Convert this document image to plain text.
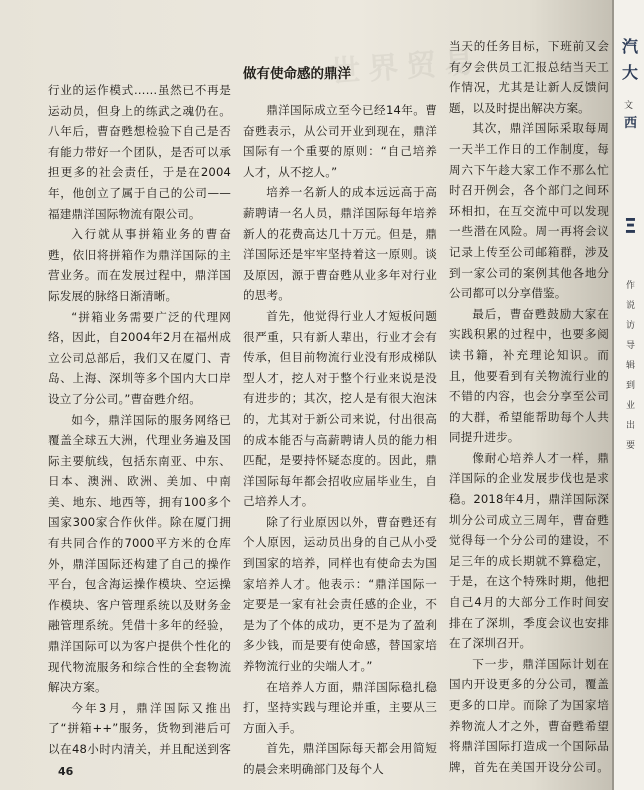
世界贸易

行业的运作模式……虽然已不再是运动员，但身上的练武之魂仍在。八年后，曹奋甦想检验下自己是否有能力带好一个团队，是否可以承担更多的社会责任，于是在2004年，他创立了属于自己的公司——福建鼎洋国际物流有限公司。

入行就从事拼箱业务的曹奋甦，依旧将拼箱作为鼎洋国际的主营业务。而在发展过程中，鼎洋国际发展的脉络日渐清晰。

“拼箱业务需要广泛的代理网络，因此，自2004年2月在福州成立公司总部后，我们又在厦门、青岛、上海、深圳等多个国内大口岸设立了分公司。”曹奋甦介绍。

如今，鼎洋国际的服务网络已覆盖全球五大洲，代理业务遍及国际主要航线，包括东南亚、中东、日本、澳洲、欧洲、美加、中南美、地东、地西等，拥有100多个国家300家合作伙伴。除在厦门拥有共同合作的7000平方米的仓库外，鼎洋国际还构建了自己的操作平台，包含海运操作模块、空运操作模块、客户管理系统以及财务金融管理系统。凭借十多年的经验，鼎洋国际可以为客户提供个性化的现代物流服务和综合性的全套物流解决方案。

今年3月，鼎洋国际又推出了“拼箱++”服务，货物到港后可以在48小时内清关，并且配送到客

做有使命感的鼎洋

鼎洋国际成立至今已经14年。曹奋甦表示，从公司开业到现在，鼎洋国际有一个重要的原则：“自己培养人才，从不挖人。”

培养一名新人的成本远远高于高薪聘请一名人员，鼎洋国际每年培养新人的花费高达几十万元。但是，鼎洋国际还是牢牢坚持着这一原则。谈及原因，源于曹奋甦从业多年对行业的思考。

首先，他觉得行业人才短板问题很严重，只有新人辈出，行业才会有传承，但目前物流行业没有形成梯队型人才，挖人对于整个行业来说是没有进步的；其次，挖人是有很大泡沫的，尤其对于新公司来说，付出很高的成本能否与高薪聘请人员的能力相匹配，是要持怀疑态度的。因此，鼎洋国际每年都会招收应届毕业生，自己培养人才。

除了行业原因以外，曹奋甦还有个人原因，运动员出身的自己从小受到国家的培养，同样也有使命去为国家培养人才。他表示：“鼎洋国际一定要是一家有社会责任感的企业，不是为了个体的成功，更不是为了盈利多少钱，而是要有使命感，替国家培养物流行业的尖端人才。”

在培养人方面，鼎洋国际稳扎稳打，坚持实践与理论并重，主要从三方面入手。

首先，鼎洋国际每天都会用简短的晨会来明确部门及每个人

当天的任务目标，下班前又会有夕会供员工汇报总结当天工作情况，尤其是让新人反馈问题，以及时提出解决方案。

其次，鼎洋国际采取每周一天半工作日的工作制度，每周六下午趁大家工作不那么忙时召开例会，各个部门之间环环相扣，在互交流中可以发现一些潜在风险。周一再将会议记录上传至公司邮箱群，涉及到一家公司的案例其他各地分公司都可以分享借鉴。

最后，曹奋甦鼓励大家在实践积累的过程中，也要多阅读书籍，补充理论知识。而且，他要看到有关物流行业的不错的内容，也会分享至公司的大群，希望能帮助每个人共同提升进步。

像耐心培养人才一样，鼎洋国际的企业发展步伐也是求稳。2018年4月，鼎洋国际深圳分公司成立三周年，曹奋甦觉得每一个分公司的建设，不足三年的成长期就不算稳定，于是，在这个特殊时期，他把自己4月的大部分工作时间安排在了深圳，季度会议也安排在了深圳召开。

下一步，鼎洋国际计划在国内开设更多的分公司，覆盖更多的口岸。而除了为国家培养物流人才之外，曹奋甦希望将鼎洋国际打造成一个国际品牌，首先在美国开设分公司。

46
汽
大
西
Ξ
文
作
说
访
导
辑
到
业
出
要
